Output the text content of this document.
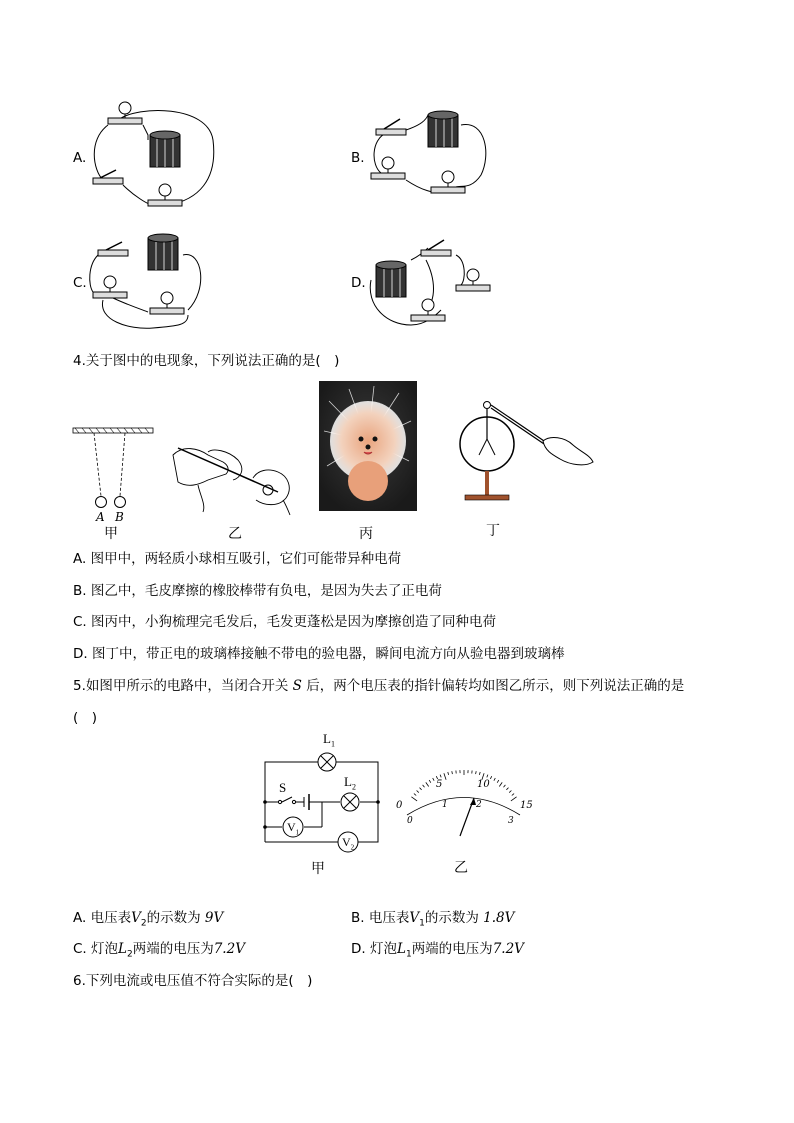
A.	B.
C.	D.
4.关于图中的电现象，下列说法正确的是(　)
A B
甲	乙	丙	丁
A. 图甲中，两轻质小球相互吸引，它们可能带异种电荷
B. 图乙中，毛皮摩擦的橡胶棒带有负电，是因为失去了正电荷
C. 图丙中，小狗梳理完毛发后，毛发更蓬松是因为摩擦创造了同种电荷
D. 图丁中，带正电的玻璃棒接触不带电的验电器，瞬间电流方向从验电器到玻璃棒
5.如图甲所示的电路中，当闭合开关 S 后，两个电压表的指针偏转均如图乙所示，则下列说法正确的是
(　)
$L_1$
$L_2$
S
$V_1$
$V_2$
甲
0
5	10
15
0
1	2
3
乙
A. 电压表$V_2$的示数为 9V	B. 电压表$V_1$的示数为 1.8V
C. 灯泡$L_2$两端的电压为7.2V	D. 灯泡$L_1$两端的电压为7.2V
6.下列电流或电压值不符合实际的是(　)
